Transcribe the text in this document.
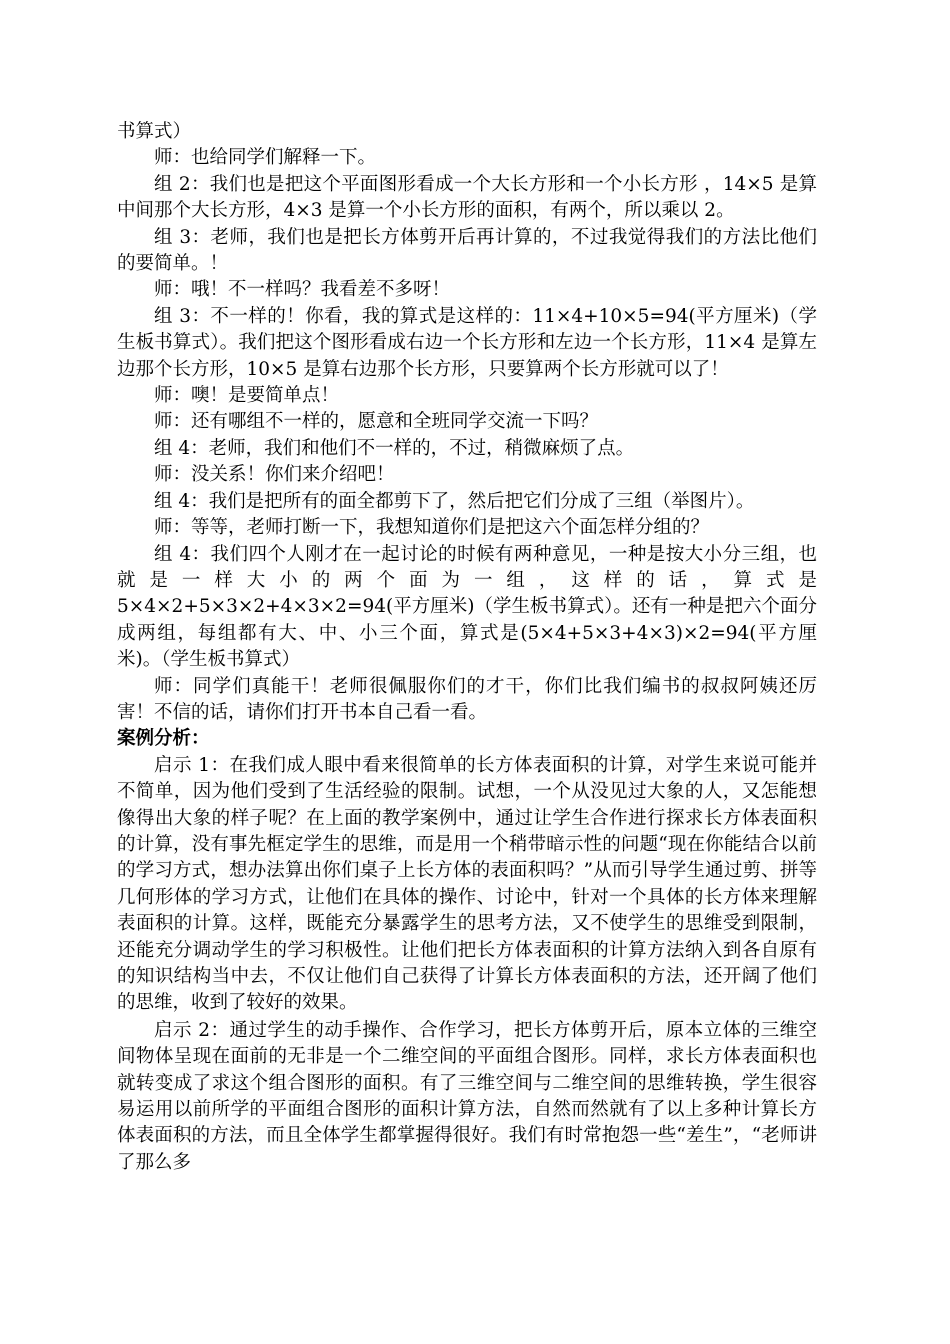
书算式）

师：也给同学们解释一下。

组 2：我们也是把这个平面图形看成一个大长方形和一个小长方形 ，14×5 是算中间那个大长方形，4×3 是算一个小长方形的面积，有两个，所以乘以 2。

组 3：老师，我们也是把长方体剪开后再计算的，不过我觉得我们的方法比他们的要简单。！

师：哦！不一样吗？我看差不多呀！

组 3：不一样的！你看，我的算式是这样的：11×4+10×5=94(平方厘米)（学生板书算式）。我们把这个图形看成右边一个长方形和左边一个长方形，11×4 是算左边那个长方形，10×5 是算右边那个长方形，只要算两个长方形就可以了！

师：噢！是要简单点！

师：还有哪组不一样的，愿意和全班同学交流一下吗？

组 4：老师，我们和他们不一样的，不过，稍微麻烦了点。

师：没关系！你们来介绍吧！

组 4：我们是把所有的面全都剪下了，然后把它们分成了三组（举图片）。

师：等等，老师打断一下，我想知道你们是把这六个面怎样分组的？

组 4：我们四个人刚才在一起讨论的时候有两种意见，一种是按大小分三组，也就是一样大小的两个面为一组，这样的话，算式是 5×4×2+5×3×2+4×3×2=94(平方厘米)（学生板书算式）。还有一种是把六个面分成两组，每组都有大、中、小三个面，算式是(5×4+5×3+4×3)×2=94(平方厘米)。（学生板书算式）

师：同学们真能干！老师很佩服你们的才干，你们比我们编书的叔叔阿姨还厉害！不信的话，请你们打开书本自己看一看。

案例分析：

启示 1：在我们成人眼中看来很简单的长方体表面积的计算，对学生来说可能并不简单，因为他们受到了生活经验的限制。试想，一个从没见过大象的人，又怎能想像得出大象的样子呢？在上面的教学案例中，通过让学生合作进行探求长方体表面积的计算，没有事先框定学生的思维，而是用一个稍带暗示性的问题“现在你能结合以前的学习方式，想办法算出你们桌子上长方体的表面积吗？”从而引导学生通过剪、拼等几何形体的学习方式，让他们在具体的操作、讨论中，针对一个具体的长方体来理解表面积的计算。这样，既能充分暴露学生的思考方法，又不使学生的思维受到限制，还能充分调动学生的学习积极性。让他们把长方体表面积的计算方法纳入到各自原有的知识结构当中去，不仅让他们自己获得了计算长方体表面积的方法，还开阔了他们的思维，收到了较好的效果。

启示 2：通过学生的动手操作、合作学习，把长方体剪开后，原本立体的三维空间物体呈现在面前的无非是一个二维空间的平面组合图形。同样，求长方体表面积也就转变成了求这个组合图形的面积。有了三维空间与二维空间的思维转换，学生很容易运用以前所学的平面组合图形的面积计算方法，自然而然就有了以上多种计算长方体表面积的方法，而且全体学生都掌握得很好。我们有时常抱怨一些“差生”，“老师讲了那么多
